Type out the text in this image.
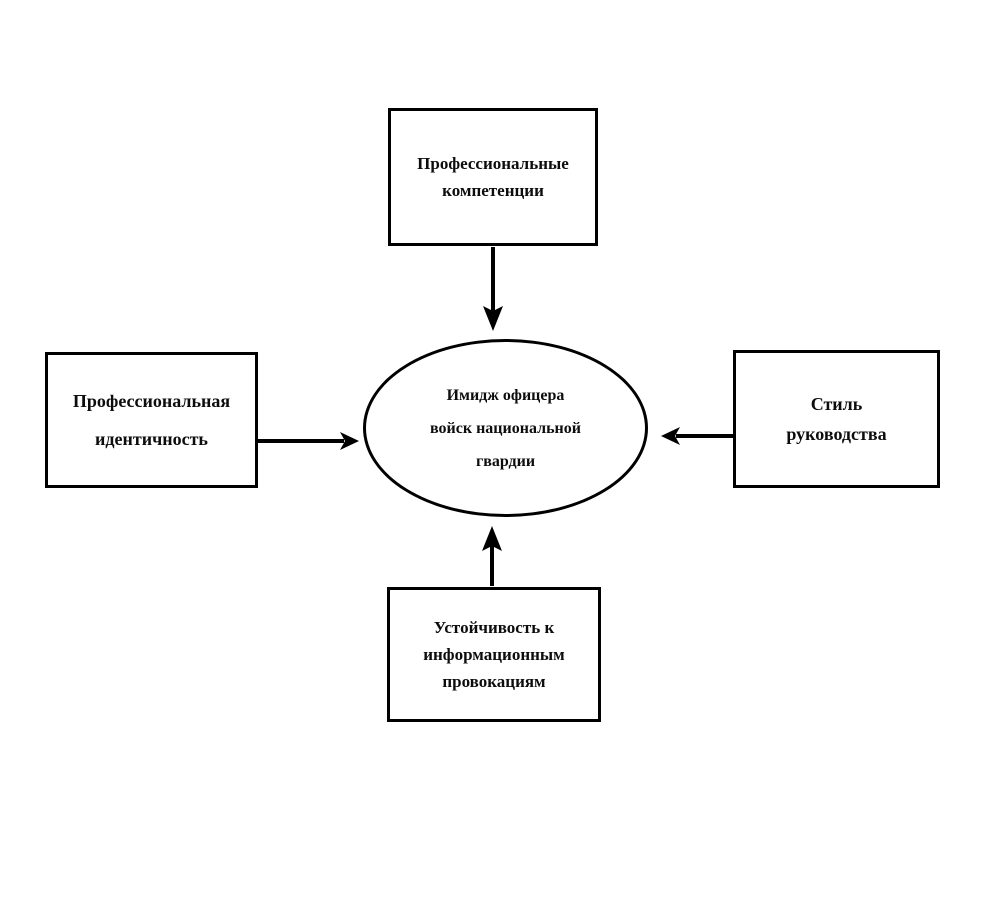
Имидж офицера
войск национальной
гвардии
Профессиональные
компетенции
Профессиональная
идентичность
Стиль
руководства
Устойчивость к
информационным
провокациям
